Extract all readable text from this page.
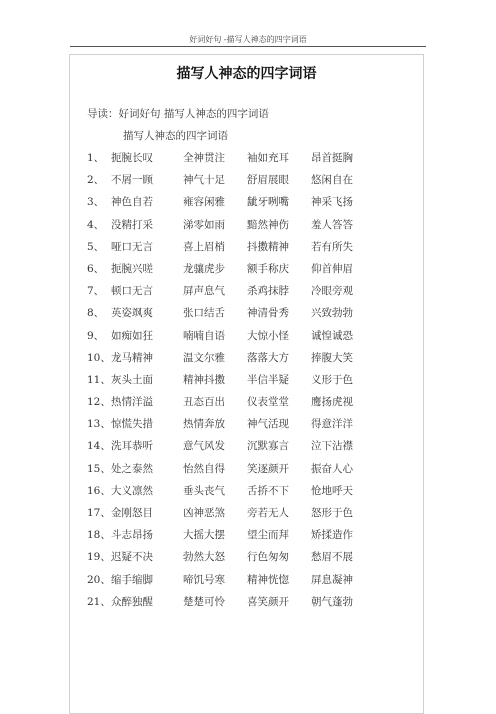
好词好句 -描写人神态的四字词语
描写人神态的四字词语
导读：好词好句 描写人神态的四字词语
描写人神态的四字词语
1、 扼腕长叹	全神贯注 袖如充耳 昂首挺胸
2、 不屑一顾	神气十足 舒眉展眼 悠闲自在
3、 神色自若	雍容闲雅 龇牙咧嘴 神采飞扬
4、 没精打采	涕零如雨 黯然神伤 羞人答答
5、 哑口无言	喜上眉梢 抖擞精神 若有所失
6、 扼腕兴嗟	龙骧虎步 额手称庆 仰首伸眉
7、 顿口无言	屏声息气 杀鸡抹脖 冷眼旁观
8、 英姿飒爽	张口结舌 神清骨秀 兴致勃勃
9、 如痴如狂	喃喃自语 大惊小怪 诚惶诚恐
10、 龙马精神	温文尔雅 落落大方 捧腹大笑
11、 灰头土面	精神抖擞 半信半疑 义形于色
12、 热情洋溢	丑态百出 仪表堂堂 鹰扬虎视
13、 惊慌失措	热情奔放 神气活现 得意洋洋
14、 洗耳恭听	意气风发 沉默寡言 泣下沾襟
15、 处之泰然	怡然自得 笑逐颜开 振奋人心
16、 大义凛然	垂头丧气 舌挢不下 怆地呼天
17、 金刚怒目	凶神恶煞 旁若无人 怒形于色
18、 斗志昂扬	大摇大摆 望尘而拜 矫揉造作
19、 迟疑不决	勃然大怒 行色匆匆 愁眉不展
20、 缩手缩脚	啼饥号寒 精神恍惚 屏息凝神
21、 众醉独醒	楚楚可怜 喜笑颜开 朝气蓬勃
